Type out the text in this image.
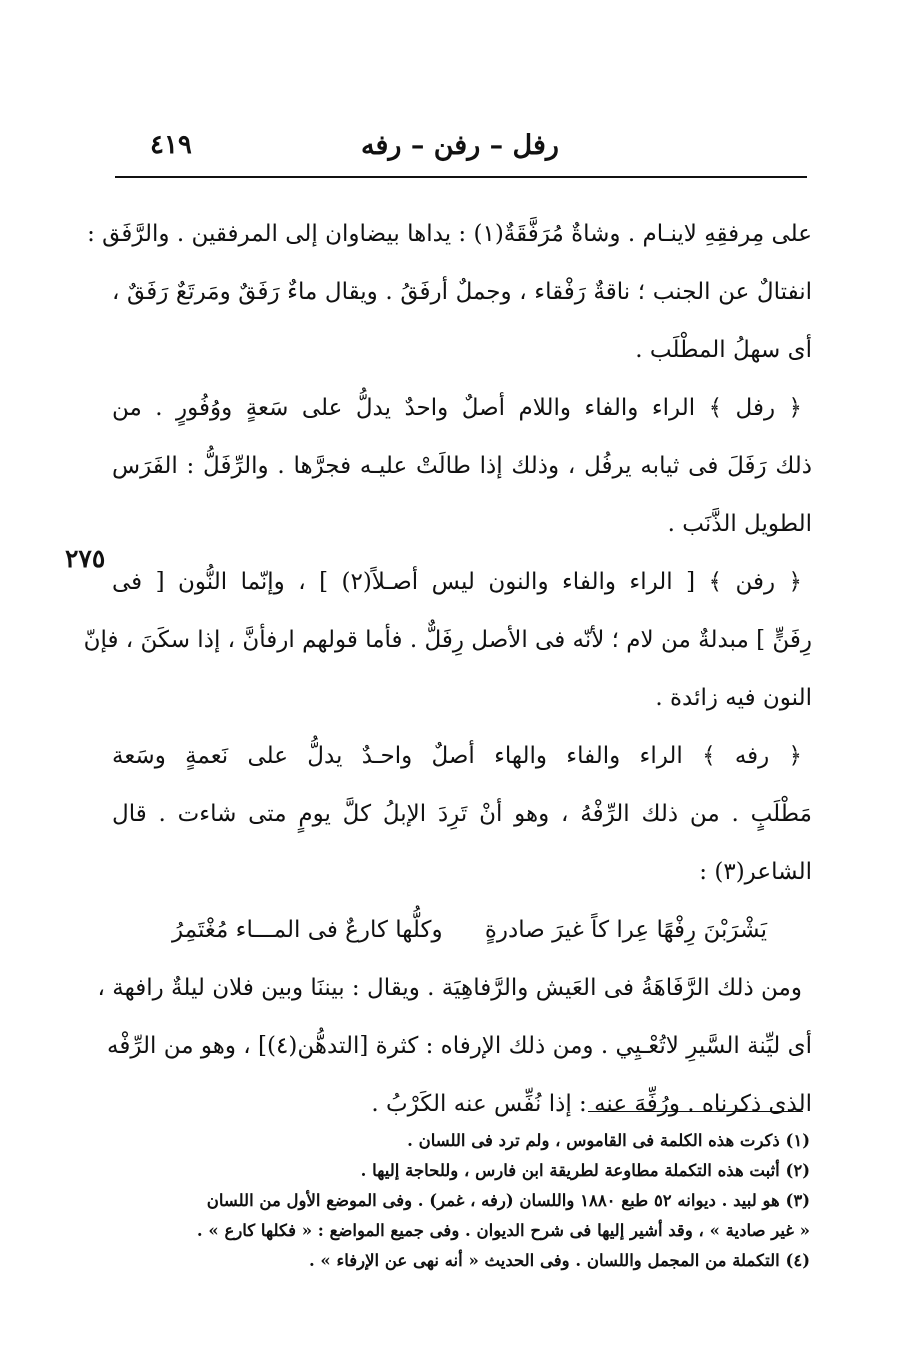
رفل – رفن – رفه
٤١٩
٢٧٥
على مِرفقِهِ لاينـام . وشاةٌ مُرَفَّقَةٌ(١) : يداها بيضاوان إلى المرفقين . والرَّفَق :
انفتالٌ عن الجنب ؛ ناقةٌ رَفْقاء ، وجملٌ أرفَقُ . ويقال ماءٌ رَفَقٌ ومَرتَعٌ رَفَقٌ ،
أى سهلُ المطْلَب .
﴿ رفل ﴾ الراء والفاء واللام أصلٌ واحدٌ يدلُّ على سَعةٍ ووُفُورٍ . من
ذلك رَفَلَ فى ثيابه يرفُل ، وذلك إذا طالَتْ عليـه فجرَّها . والرِّفَلُّ : الفَرَس
الطويل الذَّنَب .
﴿ رفن ﴾ [ الراء والفاء والنون ليس أصـلاً(٢) ] ، وإنّما النُّون [ فى
رِفَنٍّ ] مبدلةٌ من لام ؛ لأنّه فى الأصل رِفَلٌّ . فأما قولهم ارفأنَّ ، إذا سكَنَ ، فإنّ
النون فيه زائدة .
﴿ رفه ﴾ الراء والفاء والهاء أصلٌ واحـدٌ يدلُّ على نَعمةٍ وسَعة
مَطْلَبٍ . من ذلك الرِّفْهُ ، وهو أنْ تَرِدَ الإبلُ كلَّ يومٍ متى شاءت . قال
الشاعر(٣) :
يَشْرَبْنَ رِفْهًا عِرا كاً غيرَ صادرةٍ
وكلُّها كارعٌ فى المـــاء مُغْتَمِرُ
ومن ذلك الرَّفَاهَةُ فى العَيش والرَّفاهِيَة . ويقال : بيننَا وبين فلان ليلةٌ رافهة ،
أى ليِّنة السَّيرِ لاتُعْـيِي . ومن ذلك الإرفاه : كثرة [التدهُّن(٤)] ، وهو من الرِّفْه
الذى ذكرناه . ورُفِّهَ عنه : إذا نُفِّس عنه الكَرْبُ .
(١) ذكرت هذه الكلمة فى القاموس ، ولم ترد فى اللسان .
(٢) أثبت هذه التكملة مطاوعة لطريقة ابن فارس ، وللحاجة إليها .
(٣) هو لبيد . ديوانه ٥٢ طبع ١٨٨٠ واللسان (رفه ، غمر) . وفى الموضع الأول من اللسان
« غير صادية » ، وقد أشير إليها فى شرح الديوان . وفى جميع المواضع : « فكلها كارع » .
(٤) التكملة من المجمل واللسان . وفى الحديث « أنه نهى عن الإرفاء » .
